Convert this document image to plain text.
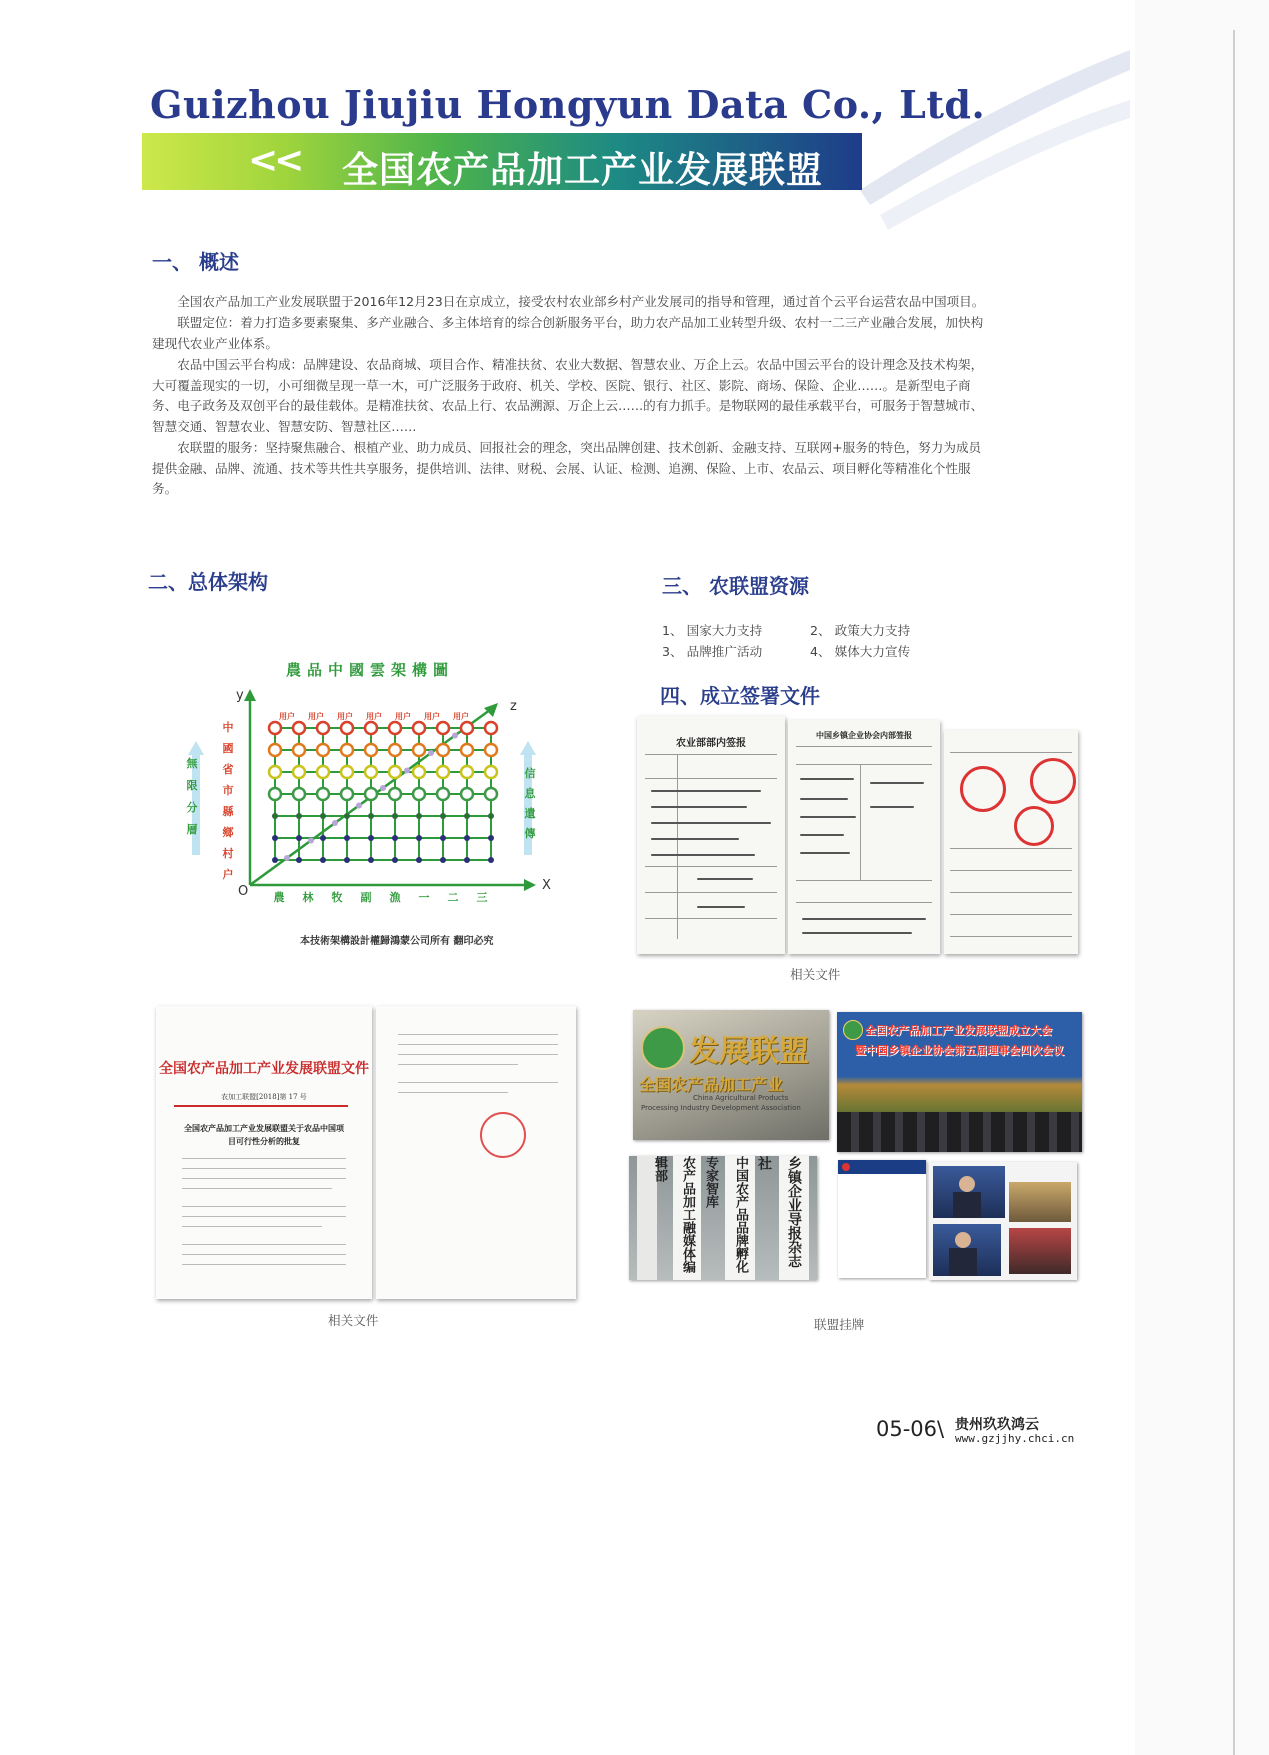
Guizhou Jiujiu Hongyun Data Co., Ltd.
<< 全国农产品加工产业发展联盟
一、 概述

全国农产品加工产业发展联盟于2016年12月23日在京成立，接受农村农业部乡村产业发展司的指导和管理，通过首个云平台运营农品中国项目。

联盟定位：着力打造多要素聚集、多产业融合、多主体培育的综合创新服务平台，助力农产品加工业转型升级、农村一二三产业融合发展，加快构建现代农业产业体系。

农品中国云平台构成：品牌建设、农品商城、项目合作、精准扶贫、农业大数据、智慧农业、万企上云。农品中国云平台的设计理念及技术构架，大可覆盖现实的一切，小可细微呈现一草一木，可广泛服务于政府、机关、学校、医院、银行、社区、影院、商场、保险、企业……。是新型电子商务、电子政务及双创平台的最佳载体。是精准扶贫、农品上行、农品溯源、万企上云……的有力抓手。是物联网的最佳承载平台，可服务于智慧城市、智慧交通、智慧农业、智慧安防、智慧社区……

农联盟的服务：坚持聚焦融合、根植产业、助力成员、回报社会的理念，突出品牌创建、技术创新、金融支持、互联网+服务的特色，努力为成员提供金融、品牌、流通、技术等共性共享服务，提供培训、法律、财税、会展、认证、检测、追溯、保险、上市、农品云、项目孵化等精准化个性服务。

二、总体架构
農品中國雲架構圖
用户 用户 用户 用户 用户 用户 用户
農 林 牧 副 漁 一 二 三
中
國
省
市
縣
鄉
村
户
無
限
分
層
信
息
遺
傳
y
X
z
O
本技術架構設計權歸鴻蒙公司所有 翻印必究
三、 农联盟资源
1、 国家大力支持	2、 政策大力支持
3、 品牌推广活动	4、 媒体大力宣传
四、成立签署文件
农业部部内签报
中国乡镇企业协会内部签报
相关文件
全国农产品加工产业发展联盟文件
农加工联盟[2018]第 17 号
全国农产品加工产业发展联盟关于农品中国项目可行性分析的批复
相关文件
发展联盟
全国农产品加工产业
China Agricultural Products
Processing Industry Development Association
全国农产品加工产业发展联盟成立大会
暨中国乡镇企业协会第五届理事会四次会议
农产品加工融媒体编辑部	中国农产品品牌孵化专家智库	乡镇企业导报杂志社
联盟挂牌
05-06\ 贵州玖玖鸿云
www.gzjjhy.chci.cn
